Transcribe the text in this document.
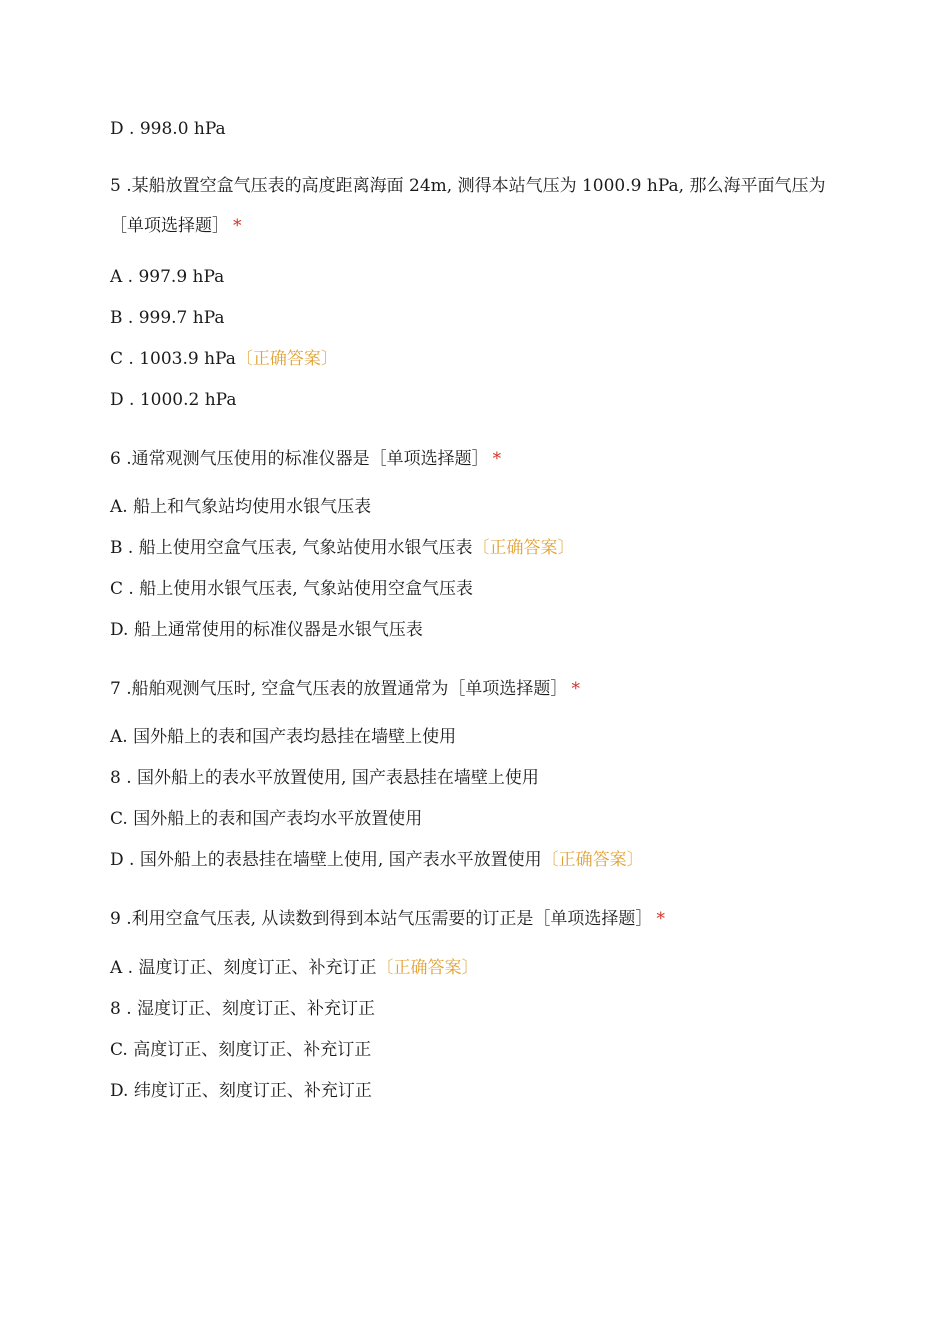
D . 998.0 hPa
5 .某船放置空盒气压表的高度距离海面 24m, 测得本站气压为 1000.9 hPa, 那么海平面气压为［单项选择题］ *
A . 997.9 hPa
B . 999.7 hPa
C . 1003.9 hPa〔正确答案〕
D . 1000.2 hPa
6 .通常观测气压使用的标准仪器是［单项选择题］ *
A. 船上和气象站均使用水银气压表
B . 船上使用空盒气压表, 气象站使用水银气压表〔正确答案〕
C . 船上使用水银气压表, 气象站使用空盒气压表
D. 船上通常使用的标准仪器是水银气压表
7 .船舶观测气压时, 空盒气压表的放置通常为［单项选择题］ *
A. 国外船上的表和国产表均悬挂在墙壁上使用
8 . 国外船上的表水平放置使用, 国产表悬挂在墙壁上使用
C. 国外船上的表和国产表均水平放置使用
D . 国外船上的表悬挂在墙壁上使用, 国产表水平放置使用〔正确答案〕
9 .利用空盒气压表, 从读数到得到本站气压需要的订正是［单项选择题］ *
A . 温度订正、刻度订正、补充订正〔正确答案〕
8 . 湿度订正、刻度订正、补充订正
C. 高度订正、刻度订正、补充订正
D. 纬度订正、刻度订正、补充订正
